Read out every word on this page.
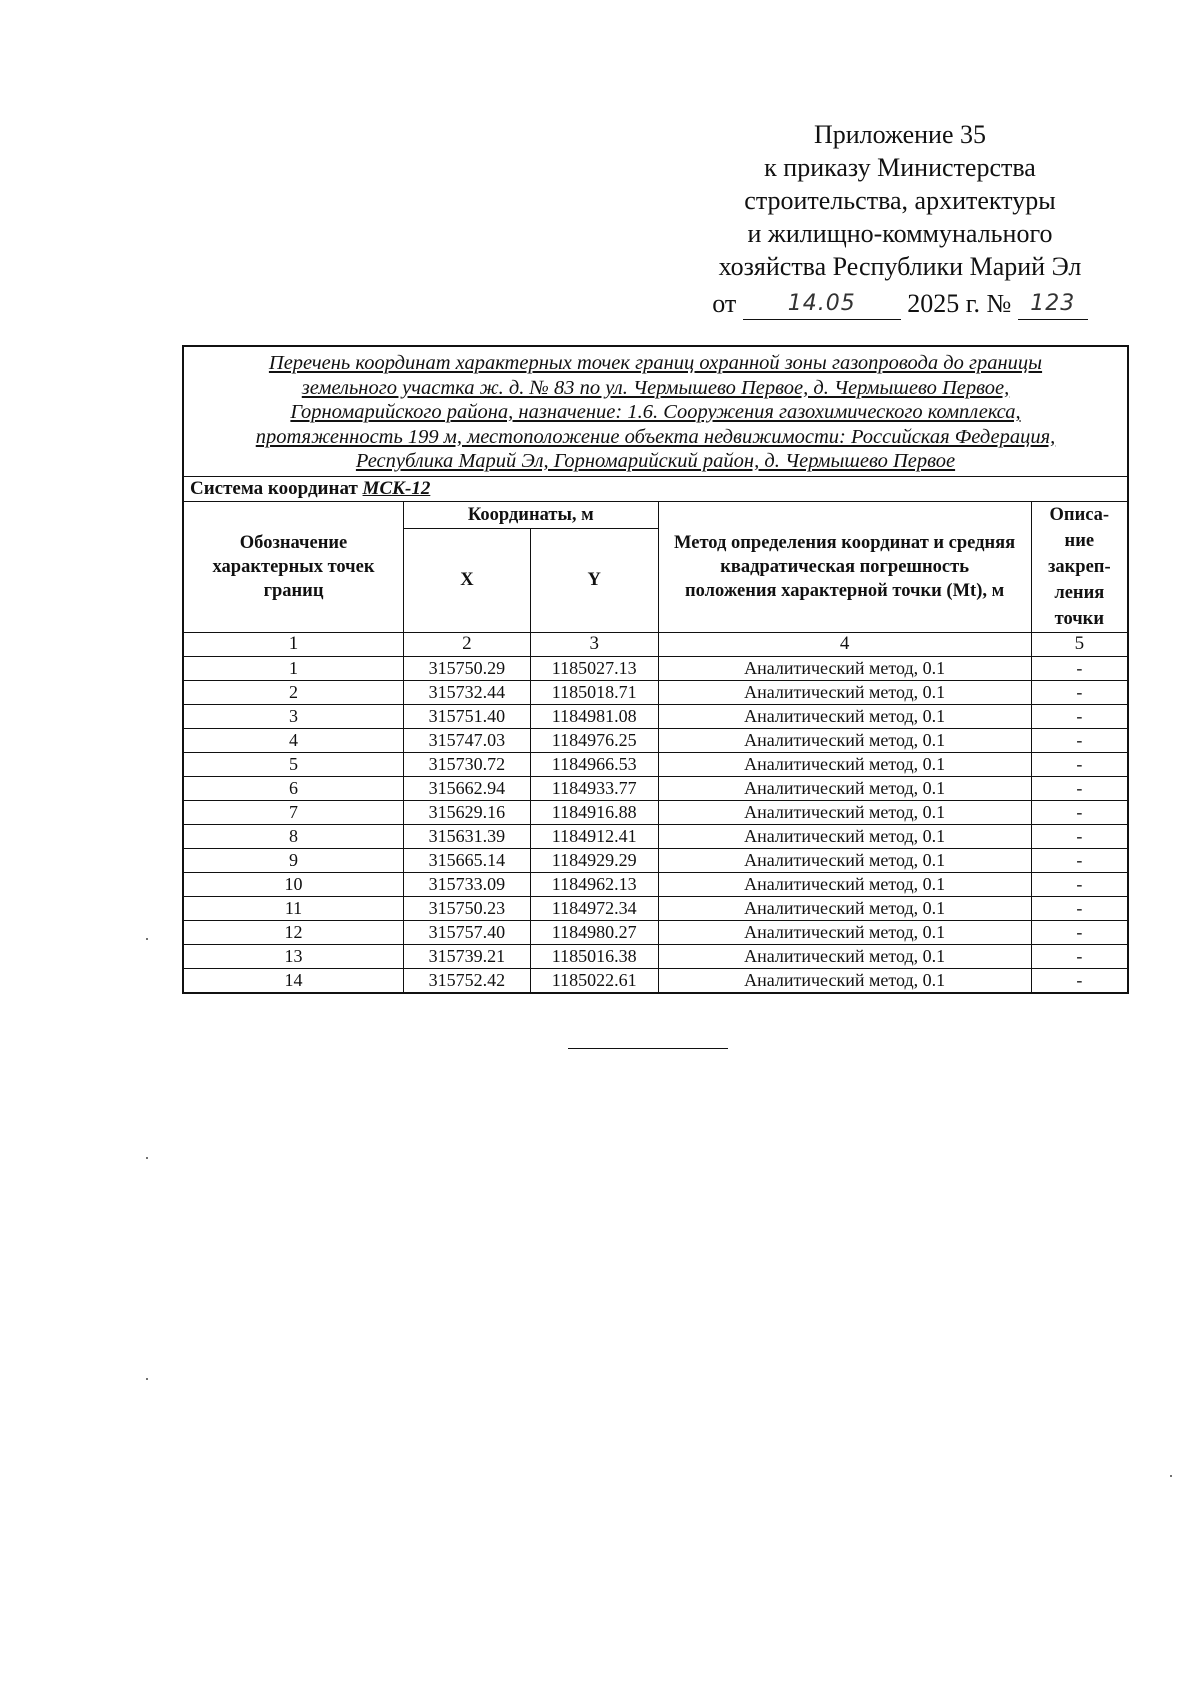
Приложение 35
к приказу Министерства
строительства, архитектуры
и жилищно-коммунального
хозяйства Республики Марий Эл
от	14.05	2025 г. № 123
Перечень координат характерных точек границ охранной зоны газопровода до границы
земельного участка ж. д. № 83 по ул. Чермышево Первое, д. Чермышево Первое,
Горномарийского района, назначение: 1.6. Сооружения газохимического комплекса,
протяженность 199 м, местоположение объекта недвижимости: Российская Федерация,
Республика Марий Эл, Горномарийский район, д. Чермышево Первое				

Система координат МСК-12				
Обозначение характерных точек границ	Координаты, м		Метод определения координат и средняя квадратическая погрешность положения характерной точки (Mt), м	Описа-
ние
закреп-
ления
точки

	X	Y		
1	2	3	4	5
1	315750.29	1185027.13	Аналитический метод, 0.1	-
2	315732.44	1185018.71	Аналитический метод, 0.1	-
3	315751.40	1184981.08	Аналитический метод, 0.1	-
4	315747.03	1184976.25	Аналитический метод, 0.1	-
5	315730.72	1184966.53	Аналитический метод, 0.1	-
6	315662.94	1184933.77	Аналитический метод, 0.1	-
7	315629.16	1184916.88	Аналитический метод, 0.1	-
8	315631.39	1184912.41	Аналитический метод, 0.1	-
9	315665.14	1184929.29	Аналитический метод, 0.1	-
10	315733.09	1184962.13	Аналитический метод, 0.1	-
11	315750.23	1184972.34	Аналитический метод, 0.1	-
12	315757.40	1184980.27	Аналитический метод, 0.1	-
13	315739.21	1185016.38	Аналитический метод, 0.1	-
14	315752.42	1185022.61	Аналитический метод, 0.1	-
